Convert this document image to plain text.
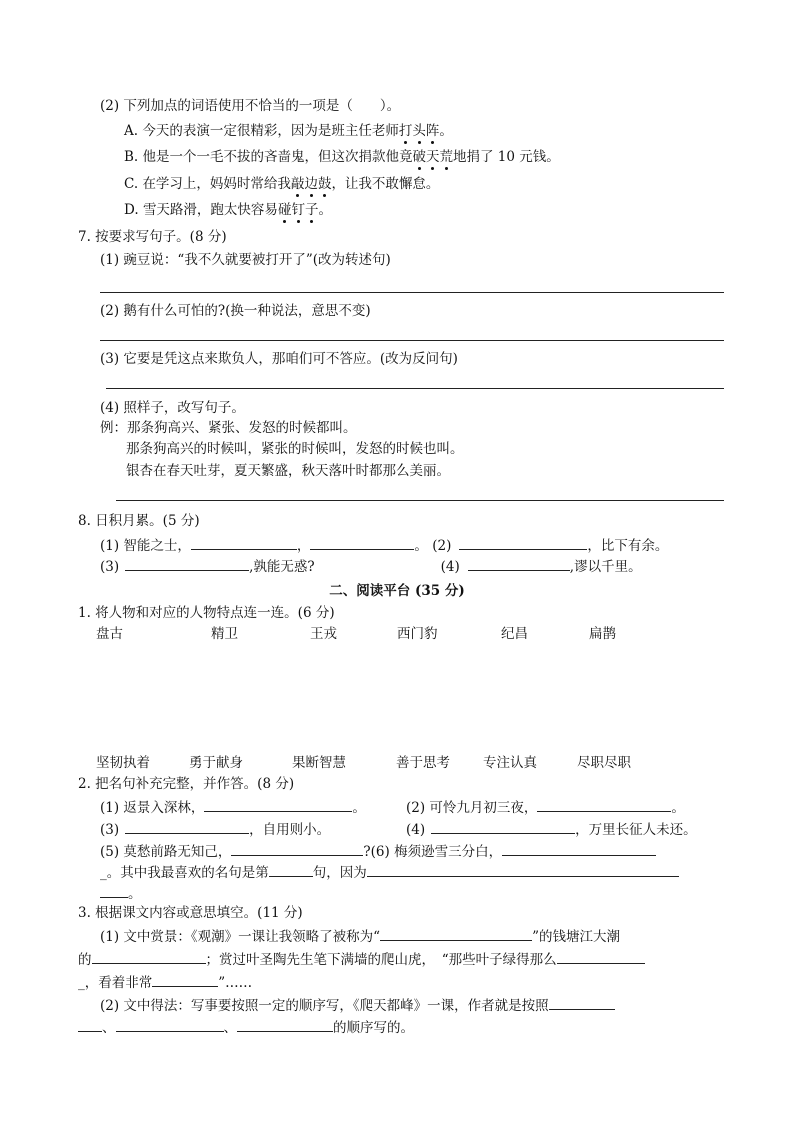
(2) 下列加点的词语使用不恰当的一项是（　　）。
A. 今天的表演一定很精彩，因为是班主任老师打头阵。
B. 他是一个一毛不拔的吝啬鬼，但这次捐款他竟破天荒地捐了 10 元钱。
C. 在学习上，妈妈时常给我敲边鼓，让我不敢懈怠。
D. 雪天路滑，跑太快容易碰钉子。
7. 按要求写句子。(8 分)
(1) 豌豆说：“我不久就要被打开了”(改为转述句)
(2) 鹅有什么可怕的?(换一种说法，意思不变)
(3) 它要是凭这点来欺负人，那咱们可不答应。(改为反问句)
(4) 照样子，改写句子。
例：那条狗高兴、紧张、发怒的时候都叫。
那条狗高兴的时候叫，紧张的时候叫，发怒的时候也叫。
银杏在春天吐芽，夏天繁盛，秋天落叶时都那么美丽。
8. 日积月累。(5 分)
(1) 智能之士，	，	。 (2)	，比下有余。
(3)	,孰能无惑?	(4)	,谬以千里。
二、阅读平台 (35 分)
1. 将人物和对应的人物特点连一连。(6 分)
盘古	精卫	王戎	西门豹	纪昌	扁鹊
坚韧执着	勇于献身	果断智慧	善于思考 专注认真	尽职尽职
2. 把名句补充完整，并作答。(8 分)
(1) 返景入深林，	。	(2) 可怜九月初三夜，	。
(3)	，自用则小。	(4)	，万里长征人未还。
(5) 莫愁前路无知己，	?(6) 梅须逊雪三分白，
_。其中我最喜欢的名句是第	句，因为
。
3. 根据课文内容或意思填空。(11 分)
(1) 文中赏景：《观潮》一课让我领略了被称为“	”的钱塘江大潮
的	；赏过叶圣陶先生笔下满墙的爬山虎，　“那些叶子绿得那么
_，看着非常	”……
(2) 文中得法：写事要按照一定的顺序写，《爬天都峰》一课，作者就是按照
、	、	的顺序写的。
